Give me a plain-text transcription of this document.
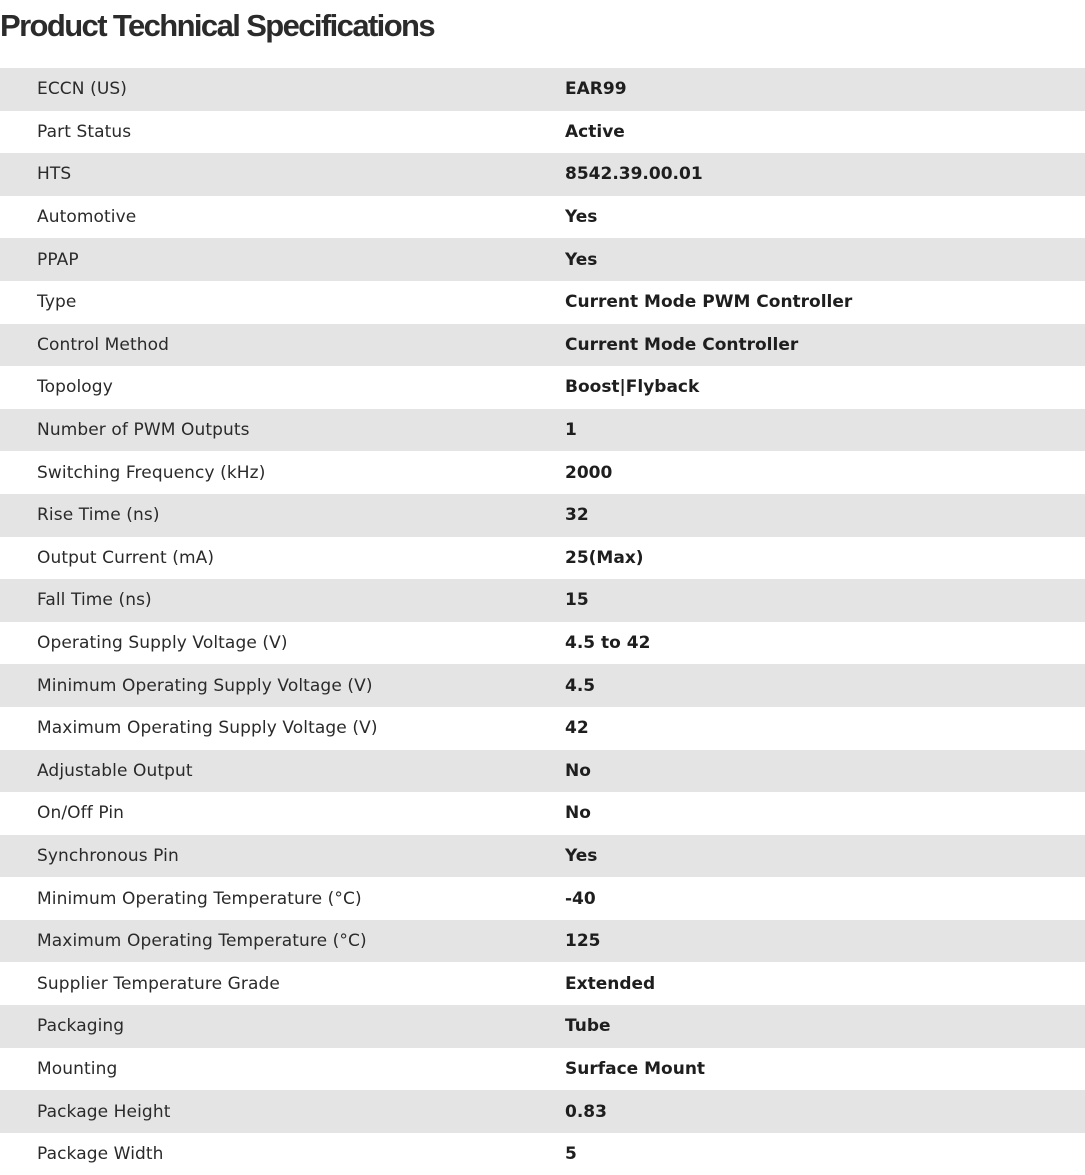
Product Technical Specifications
ECCN (US)	EAR99
Part Status	Active
HTS	8542.39.00.01
Automotive	Yes
PPAP	Yes
Type	Current Mode PWM Controller
Control Method	Current Mode Controller
Topology	Boost|Flyback
Number of PWM Outputs	1
Switching Frequency (kHz)	2000
Rise Time (ns)	32
Output Current (mA)	25(Max)
Fall Time (ns)	15
Operating Supply Voltage (V)	4.5 to 42
Minimum Operating Supply Voltage (V)	4.5
Maximum Operating Supply Voltage (V)	42
Adjustable Output	No
On/Off Pin	No
Synchronous Pin	Yes
Minimum Operating Temperature (°C)	-40
Maximum Operating Temperature (°C)	125
Supplier Temperature Grade	Extended
Packaging	Tube
Mounting	Surface Mount
Package Height	0.83
Package Width	5
